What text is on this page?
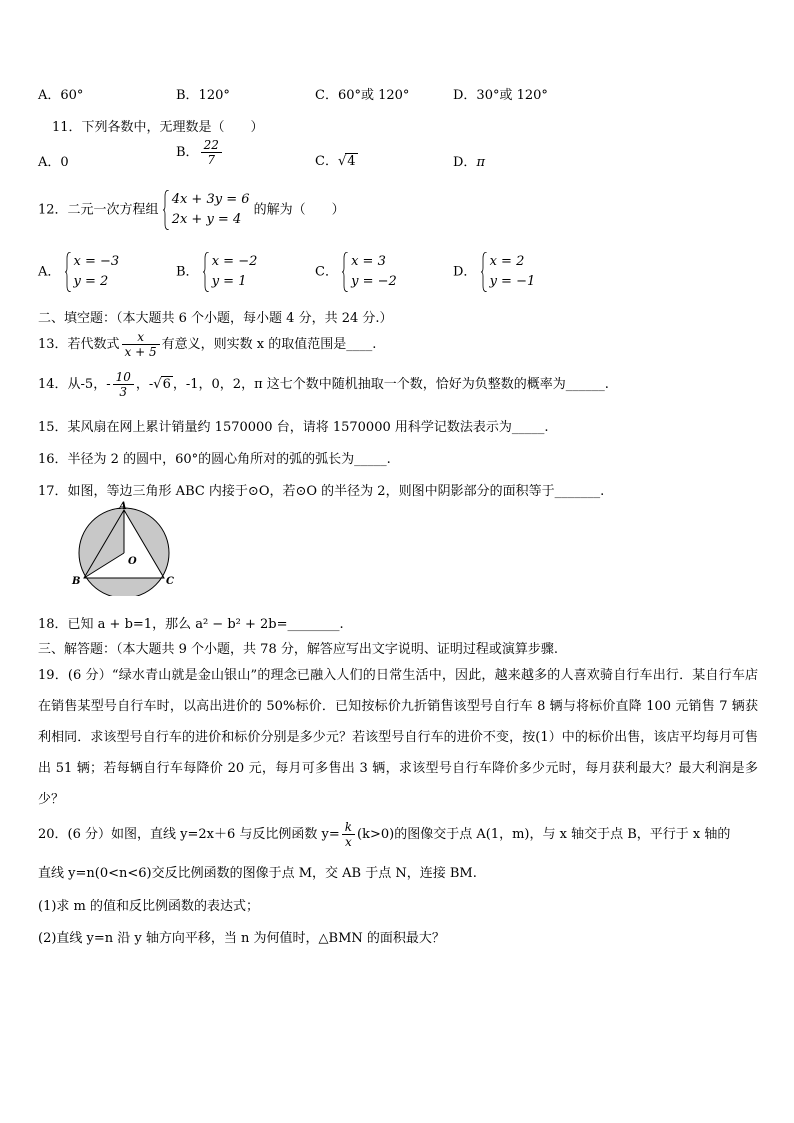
A．60°	B．120°	C．60°或 120°	D．30°或 120°
11．下列各数中，无理数是（　　）
A．0
B． $\frac{22}{7}$	C．√4	D．π
12．二元一次方程组
4x + 3y = 6
2x + y = 4
的解为（　　）
A．
x = −3
y = 2
B．
x = −2
y = 1
C．
x = 3
y = −2
D．
x = 2
y = −1
二、填空题：（本大题共 6 个小题，每小题 4 分，共 24 分.）
13．若代数式 $\frac{x}{x + 5}$ 有意义，则实数 x 的取值范围是____.
14．从-5，- $\frac{10}{3}$ ，-√6 ，-1，0，2，π 这七个数中随机抽取一个数，恰好为负整数的概率为______.
15．某风扇在网上累计销量约 1570000 台，请将 1570000 用科学记数法表示为_____.
16．半径为 2 的圆中，60°的圆心角所对的弧的弧长为_____.
17．如图，等边三角形 ABC 内接于⊙O，若⊙O 的半径为 2，则图中阴影部分的面积等于_______.
A
B	C
O
18．已知 a + b=1，那么 a² − b² + 2b=________.
三、解答题：（本大题共 9 个小题，共 78 分，解答应写出文字说明、证明过程或演算步骤.
19．(6 分）“绿水青山就是金山银山”的理念已融入人们的日常生活中，因此，越来越多的人喜欢骑自行车出行．某自行车店在销售某型号自行车时，以高出进价的 50%标价．已知按标价九折销售该型号自行车 8 辆与将标价直降 100 元销售 7 辆获利相同．求该型号自行车的进价和标价分别是多少元？若该型号自行车的进价不变，按(1）中的标价出售，该店平均每月可售出 51 辆；若每辆自行车每降价 20 元，每月可多售出 3 辆，求该型号自行车降价多少元时，每月获利最大？最大利润是多少？
20．(6 分）如图，直线 y=2x＋6 与反比例函数 $y= \frac{k}{x} (k>0)$的图像交于点 A(1，m)，与 x 轴交于点 B，平行于 x 轴的
直线 y=n(0<n<6)交反比例函数的图像于点 M，交 AB 于点 N，连接 BM.
(1)求 m 的值和反比例函数的表达式；
(2)直线 y=n 沿 y 轴方向平移，当 n 为何值时，△BMN 的面积最大？
